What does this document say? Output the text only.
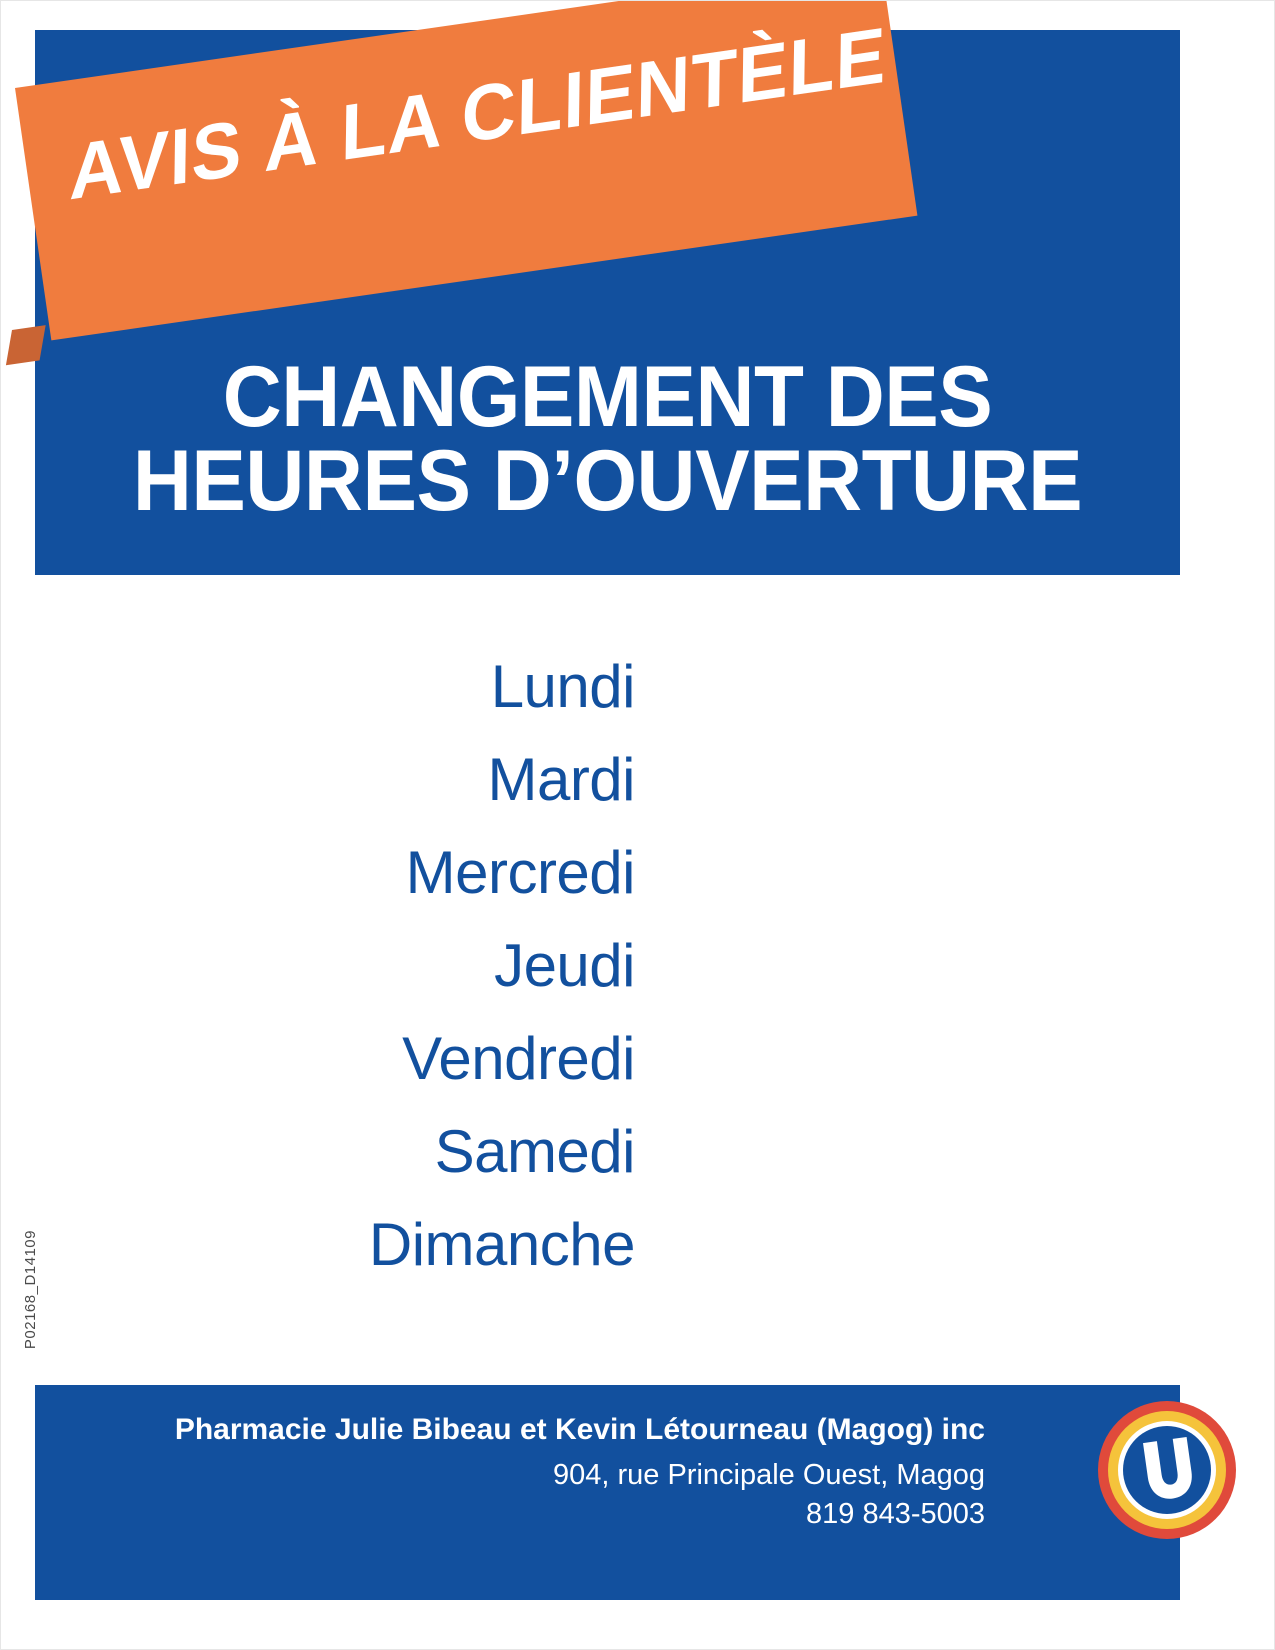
AVIS À LA CLIENTÈLE
CHANGEMENT DES
HEURES D’OUVERTURE
Lundi
Mardi
Mercredi
Jeudi
Vendredi
Samedi
Dimanche
P02168_D14109
Pharmacie Julie Bibeau et Kevin Létourneau (Magog) inc
904, rue Principale Ouest, Magog
819 843-5003
